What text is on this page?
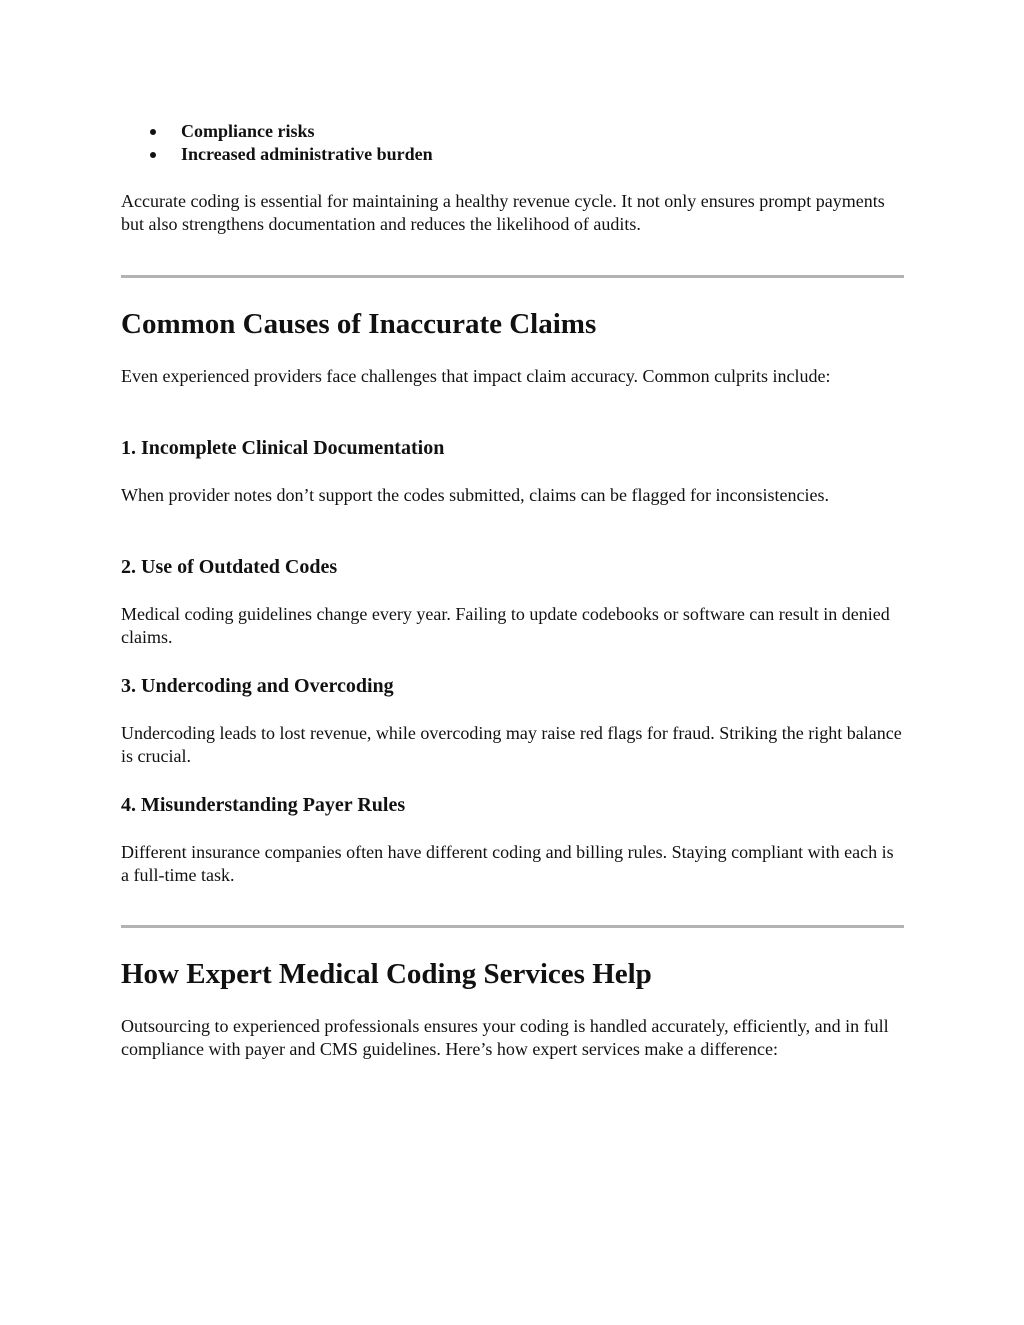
Compliance risks
Increased administrative burden

Accurate coding is essential for maintaining a healthy revenue cycle. It not only ensures prompt payments but also strengthens documentation and reduces the likelihood of audits.

Common Causes of Inaccurate Claims

Even experienced providers face challenges that impact claim accuracy. Common culprits include:

1. Incomplete Clinical Documentation

When provider notes don’t support the codes submitted, claims can be flagged for inconsistencies.

2. Use of Outdated Codes

Medical coding guidelines change every year. Failing to update codebooks or software can result in denied claims.

3. Undercoding and Overcoding

Undercoding leads to lost revenue, while overcoding may raise red flags for fraud. Striking the right balance is crucial.

4. Misunderstanding Payer Rules

Different insurance companies often have different coding and billing rules. Staying compliant with each is a full-time task.

How Expert Medical Coding Services Help

Outsourcing to experienced professionals ensures your coding is handled accurately, efficiently, and in full compliance with payer and CMS guidelines. Here’s how expert services make a difference:
